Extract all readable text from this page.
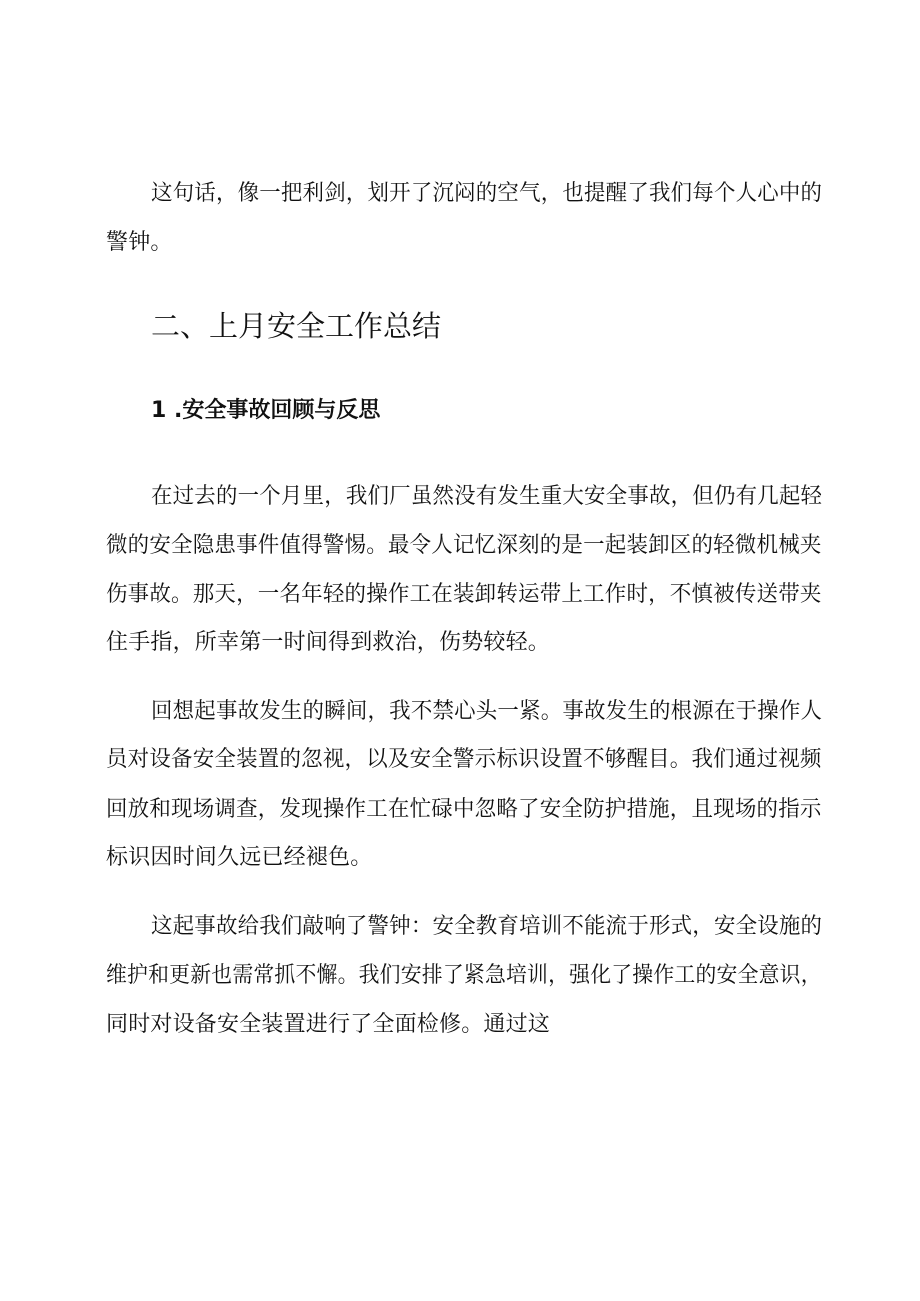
这句话，像一把利剑，划开了沉闷的空气，也提醒了我们每个人心中的
警钟。
二、上月安全工作总结
1 .安全事故回顾与反思
在过去的一个月里，我们厂虽然没有发生重大安全事故，但仍有几起轻
微的安全隐患事件值得警惕。最令人记忆深刻的是一起装卸区的轻微机械夹
伤事故。那天，一名年轻的操作工在装卸转运带上工作时，不慎被传送带夹
住手指，所幸第一时间得到救治，伤势较轻。
回想起事故发生的瞬间，我不禁心头一紧。事故发生的根源在于操作人
员对设备安全装置的忽视，以及安全警示标识设置不够醒目。我们通过视频
回放和现场调查，发现操作工在忙碌中忽略了安全防护措施，且现场的指示
标识因时间久远已经褪色。
这起事故给我们敲响了警钟：安全教育培训不能流于形式，安全设施的
维护和更新也需常抓不懈。我们安排了紧急培训，强化了操作工的安全意识，
同时对设备安全装置进行了全面检修。通过这
